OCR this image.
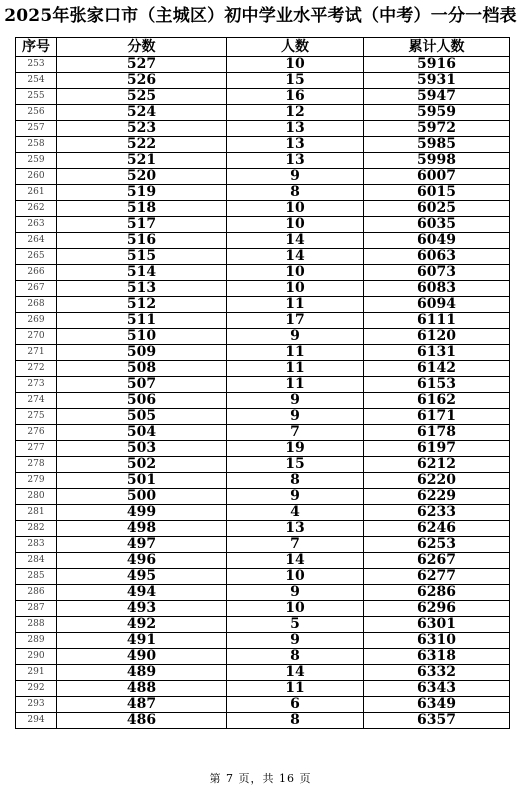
2025年张家口市（主城区）初中学业水平考试（中考）一分一档表
序号	分数	人数	累计人数
253	527	10	5916
254	526	15	5931
255	525	16	5947
256	524	12	5959
257	523	13	5972
258	522	13	5985
259	521	13	5998
260	520	9	6007
261	519	8	6015
262	518	10	6025
263	517	10	6035
264	516	14	6049
265	515	14	6063
266	514	10	6073
267	513	10	6083
268	512	11	6094
269	511	17	6111
270	510	9	6120
271	509	11	6131
272	508	11	6142
273	507	11	6153
274	506	9	6162
275	505	9	6171
276	504	7	6178
277	503	19	6197
278	502	15	6212
279	501	8	6220
280	500	9	6229
281	499	4	6233
282	498	13	6246
283	497	7	6253
284	496	14	6267
285	495	10	6277
286	494	9	6286
287	493	10	6296
288	492	5	6301
289	491	9	6310
290	490	8	6318
291	489	14	6332
292	488	11	6343
293	487	6	6349
294	486	8	6357
第 7 页，共 16 页
